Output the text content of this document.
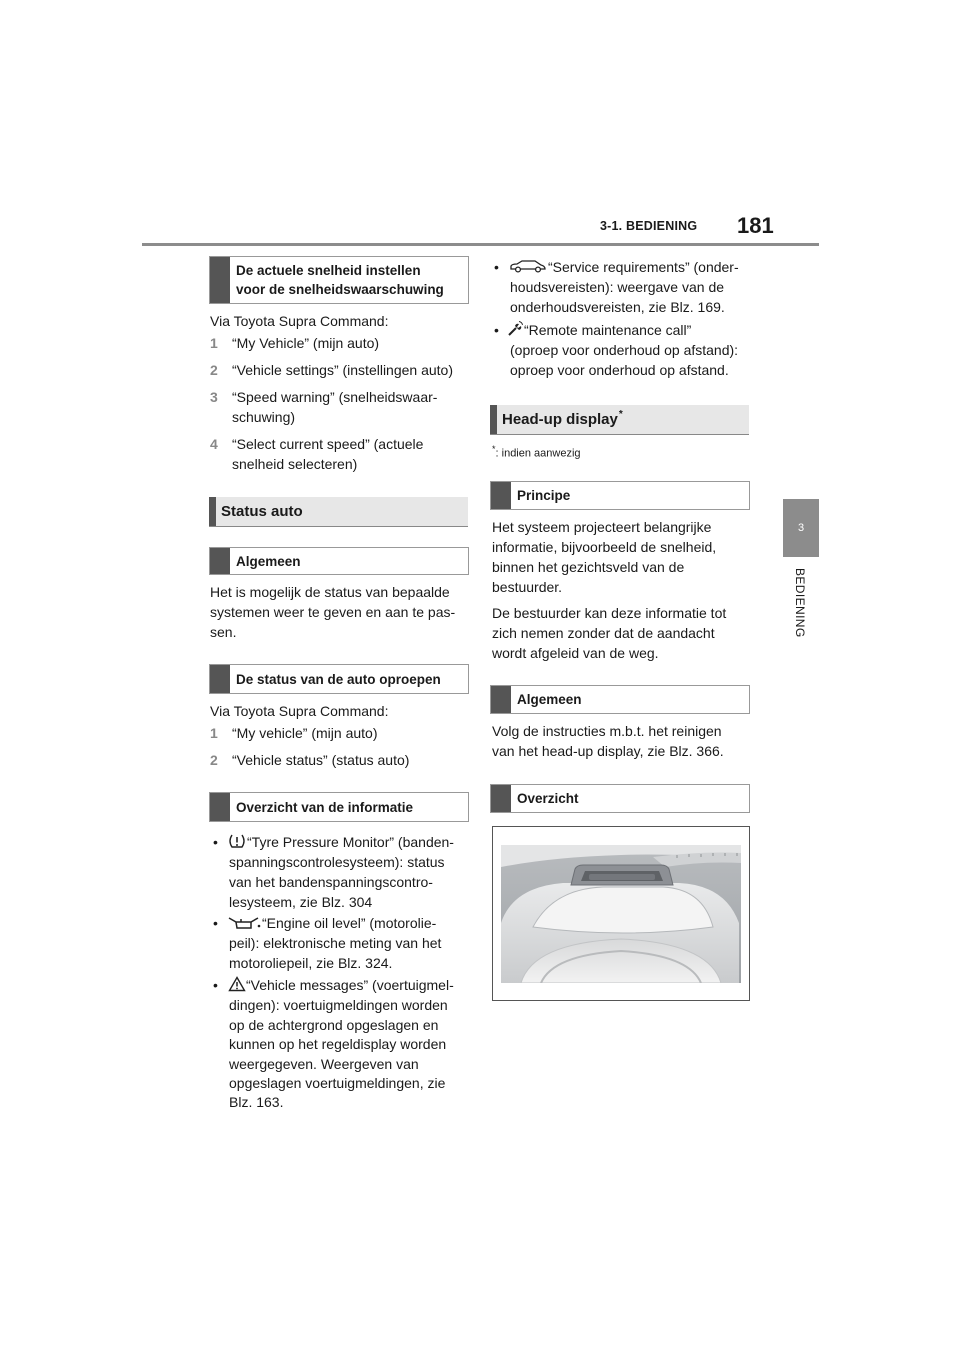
3-1. BEDIENING 181
3
BEDIENING
De actuele snelheid instellen
voor de snelheidswaarschuwing
Via Toyota Supra Command:
1 “My Vehicle” (mijn auto)
2 “Vehicle settings” (instellingen auto)
3 “Speed warning” (snelheidswaar-
schuwing)
4 “Select current speed” (actuele
snelheid selecteren)
Status auto
Algemeen
Het is mogelijk de status van bepaalde
systemen weer te geven en aan te pas-
sen.
De status van de auto oproepen
Via Toyota Supra Command:
1 “My vehicle” (mijn auto)
2 “Vehicle status” (status auto)
Overzicht van de informatie
• “Tyre Pressure Monitor” (banden-
spanningscontrolesysteem): status
van het bandenspanningscontro-
lesysteem, zie Blz. 304
•	“Engine oil level” (motorolie-
peil): elektronische meting van het
motoroliepeil, zie Blz. 324.
• “Vehicle messages” (voertuigmel-
dingen): voertuigmeldingen worden
op de achtergrond opgeslagen en
kunnen op het regeldisplay worden
weergegeven. Weergeven van
opgeslagen voertuigmeldingen, zie
Blz. 163.
•	“Service requirements” (onder-
houdsvereisten): weergave van de
onderhoudsvereisten, zie Blz. 169.
• “Remote maintenance call”
(oproep voor onderhoud op afstand):
oproep voor onderhoud op afstand.
Head-up display*
*: indien aanwezig
Principe
Het systeem projecteert belangrijke
informatie, bijvoorbeeld de snelheid,
binnen het gezichtsveld van de
bestuurder.
De bestuurder kan deze informatie tot
zich nemen zonder dat de aandacht
wordt afgeleid van de weg.
Algemeen
Volg de instructies m.b.t. het reinigen
van het head-up display, zie Blz. 366.
Overzicht
